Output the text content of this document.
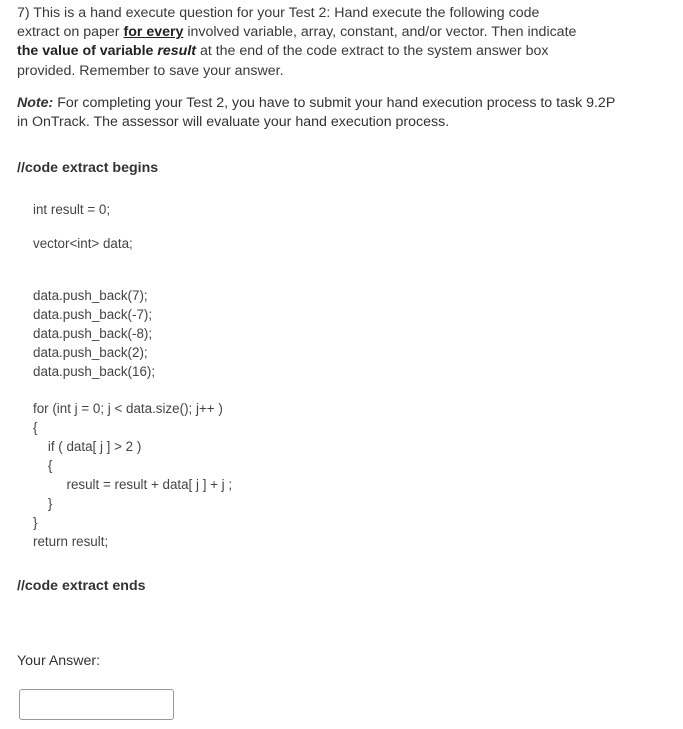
7) This is a hand execute question for your Test 2: Hand execute the following code extract on paper for every involved variable, array, constant, and/or vector. Then indicate the value of variable result at the end of the code extract to the system answer box provided. Remember to save your answer.
Note: For completing your Test 2, you have to submit your hand execution process to task 9.2P in OnTrack. The assessor will evaluate your hand execution process.
//code extract begins
int result = 0;
vector<int> data;
data.push_back(7);
data.push_back(-7);
data.push_back(-8);
data.push_back(2);
data.push_back(16);
for (int j = 0; j < data.size(); j++ )
{
if ( data[ j ] > 2 )
{
result = result + data[ j ] + j ;
}
}
return result;
//code extract ends
Your Answer:
